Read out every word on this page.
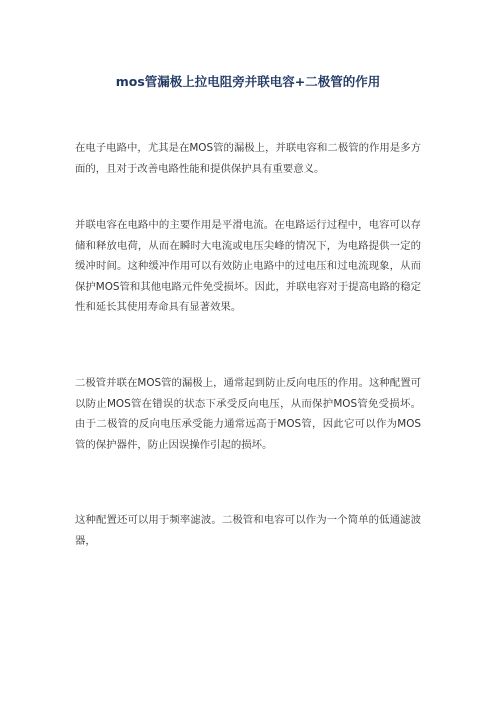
mos管漏极上拉电阻旁并联电容+二极管的作用

在电子电路中，尤其是在MOS管的漏极上，并联电容和二极管的作用是多方面的，且对于改善电路性能和提供保护具有重要意义。

并联电容在电路中的主要作用是平滑电流。在电路运行过程中，电容可以存储和释放电荷，从而在瞬时大电流或电压尖峰的情况下，为电路提供一定的缓冲时间。这种缓冲作用可以有效防止电路中的过电压和过电流现象，从而保护MOS管和其他电路元件免受损坏。因此，并联电容对于提高电路的稳定性和延长其使用寿命具有显著效果。

二极管并联在MOS管的漏极上，通常起到防止反向电压的作用。这种配置可以防止MOS管在错误的状态下承受反向电压，从而保护MOS管免受损坏。由于二极管的反向电压承受能力通常远高于MOS管，因此它可以作为MOS管的保护器件，防止因误操作引起的损坏。

这种配置还可以用于频率滤波。二极管和电容可以作为一个简单的低通滤波器，
